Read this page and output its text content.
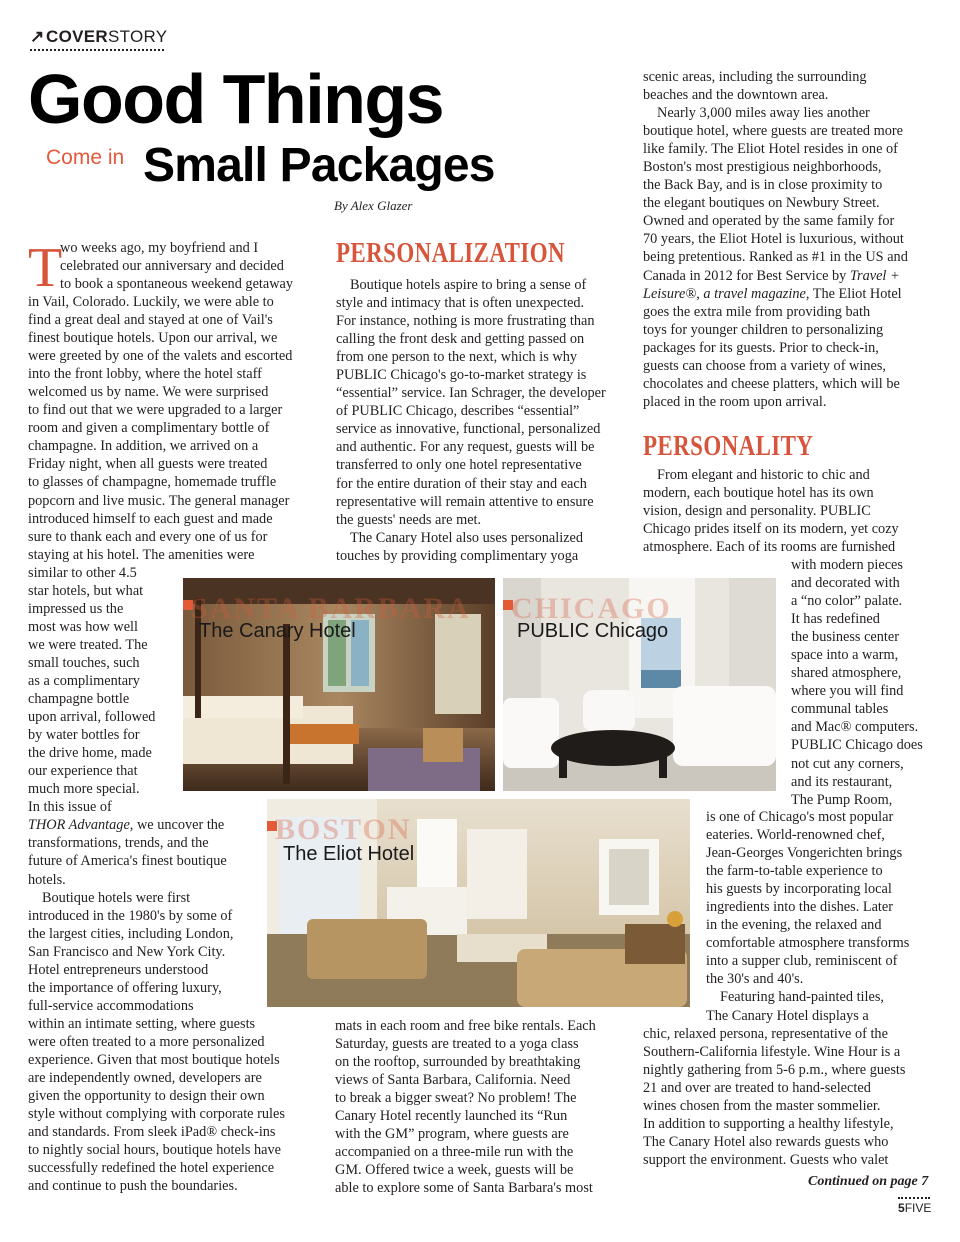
↗COVERSTORY
Good Things
Come in Small Packages
By Alex Glazer
T

wo weeks ago, my boyfriend and I

celebrated our anniversary and decided

to book a spontaneous weekend getaway

in Vail, Colorado. Luckily, we were able to

find a great deal and stayed at one of Vail's

finest boutique hotels. Upon our arrival, we

were greeted by one of the valets and escorted

into the front lobby, where the hotel staff

welcomed us by name. We were surprised

to find out that we were upgraded to a larger

room and given a complimentary bottle of

champagne. In addition, we arrived on a

Friday night, when all guests were treated

to glasses of champagne, homemade truffle

popcorn and live music. The general manager

introduced himself to each guest and made

sure to thank each and every one of us for

staying at his hotel. The amenities were

similar to other 4.5

star hotels, but what

impressed us the

most was how well

we were treated. The

small touches, such

as a complimentary

champagne bottle

upon arrival, followed

by water bottles for

the drive home, made

our experience that

much more special.

In this issue of

THOR Advantage, we uncover the

transformations, trends, and the

future of America's finest boutique

hotels.

Boutique hotels were first

introduced in the 1980's by some of

the largest cities, including London,

San Francisco and New York City.

Hotel entrepreneurs understood

the importance of offering luxury,

full-service accommodations

within an intimate setting, where guests

were often treated to a more personalized

experience. Given that most boutique hotels

are independently owned, developers are

given the opportunity to design their own

style without complying with corporate rules

and standards. From sleek iPad® check-ins

to nightly social hours, boutique hotels have

successfully redefined the hotel experience

and continue to push the boundaries.

PERSONALIZATION

Boutique hotels aspire to bring a sense of

style and intimacy that is often unexpected.

For instance, nothing is more frustrating than

calling the front desk and getting passed on

from one person to the next, which is why

PUBLIC Chicago's go-to-market strategy is

“essential” service. Ian Schrager, the developer

of PUBLIC Chicago, describes “essential”

service as innovative, functional, personalized

and authentic. For any request, guests will be

transferred to only one hotel representative

for the entire duration of their stay and each

representative will remain attentive to ensure

the guests' needs are met.

The Canary Hotel also uses personalized

touches by providing complimentary yoga

mats in each room and free bike rentals. Each

Saturday, guests are treated to a yoga class

on the rooftop, surrounded by breathtaking

views of Santa Barbara, California. Need

to break a bigger sweat? No problem! The

Canary Hotel recently launched its “Run

with the GM” program, where guests are

accompanied on a three-mile run with the

GM. Offered twice a week, guests will be

able to explore some of Santa Barbara's most

scenic areas, including the surrounding

beaches and the downtown area.

Nearly 3,000 miles away lies another

boutique hotel, where guests are treated more

like family. The Eliot Hotel resides in one of

Boston's most prestigious neighborhoods,

the Back Bay, and is in close proximity to

the elegant boutiques on Newbury Street.

Owned and operated by the same family for

70 years, the Eliot Hotel is luxurious, without

being pretentious. Ranked as #1 in the US and

Canada in 2012 for Best Service by Travel +

Leisure®, a travel magazine, The Eliot Hotel

goes the extra mile from providing bath

toys for younger children to personalizing

packages for its guests. Prior to check-in,

guests can choose from a variety of wines,

chocolates and cheese platters, which will be

placed in the room upon arrival.

PERSONALITY

From elegant and historic to chic and

modern, each boutique hotel has its own

vision, design and personality. PUBLIC

Chicago prides itself on its modern, yet cozy

atmosphere. Each of its rooms are furnished

with modern pieces

and decorated with

a “no color” palate.

It has redefined

the business center

space into a warm,

shared atmosphere,

where you will find

communal tables

and Mac® computers.

PUBLIC Chicago does

not cut any corners,

and its restaurant,

The Pump Room,

is one of Chicago's most popular

eateries. World-renowned chef,

Jean-Georges Vongerichten brings

the farm-to-table experience to

his guests by incorporating local

ingredients into the dishes. Later

in the evening, the relaxed and

comfortable atmosphere transforms

into a supper club, reminiscent of

the 30's and 40's.

Featuring hand-painted tiles,

The Canary Hotel displays a

chic, relaxed persona, representative of the

Southern-California lifestyle. Wine Hour is a

nightly gathering from 5-6 p.m., where guests

21 and over are treated to hand-selected

wines chosen from the master sommelier.

In addition to supporting a healthy lifestyle,

The Canary Hotel also rewards guests who

support the environment. Guests who valet

SANTA BARBARA
The Canary Hotel
CHICAGO
PUBLIC Chicago
BOSTON
The Eliot Hotel
Continued on page 7
5FIVE
